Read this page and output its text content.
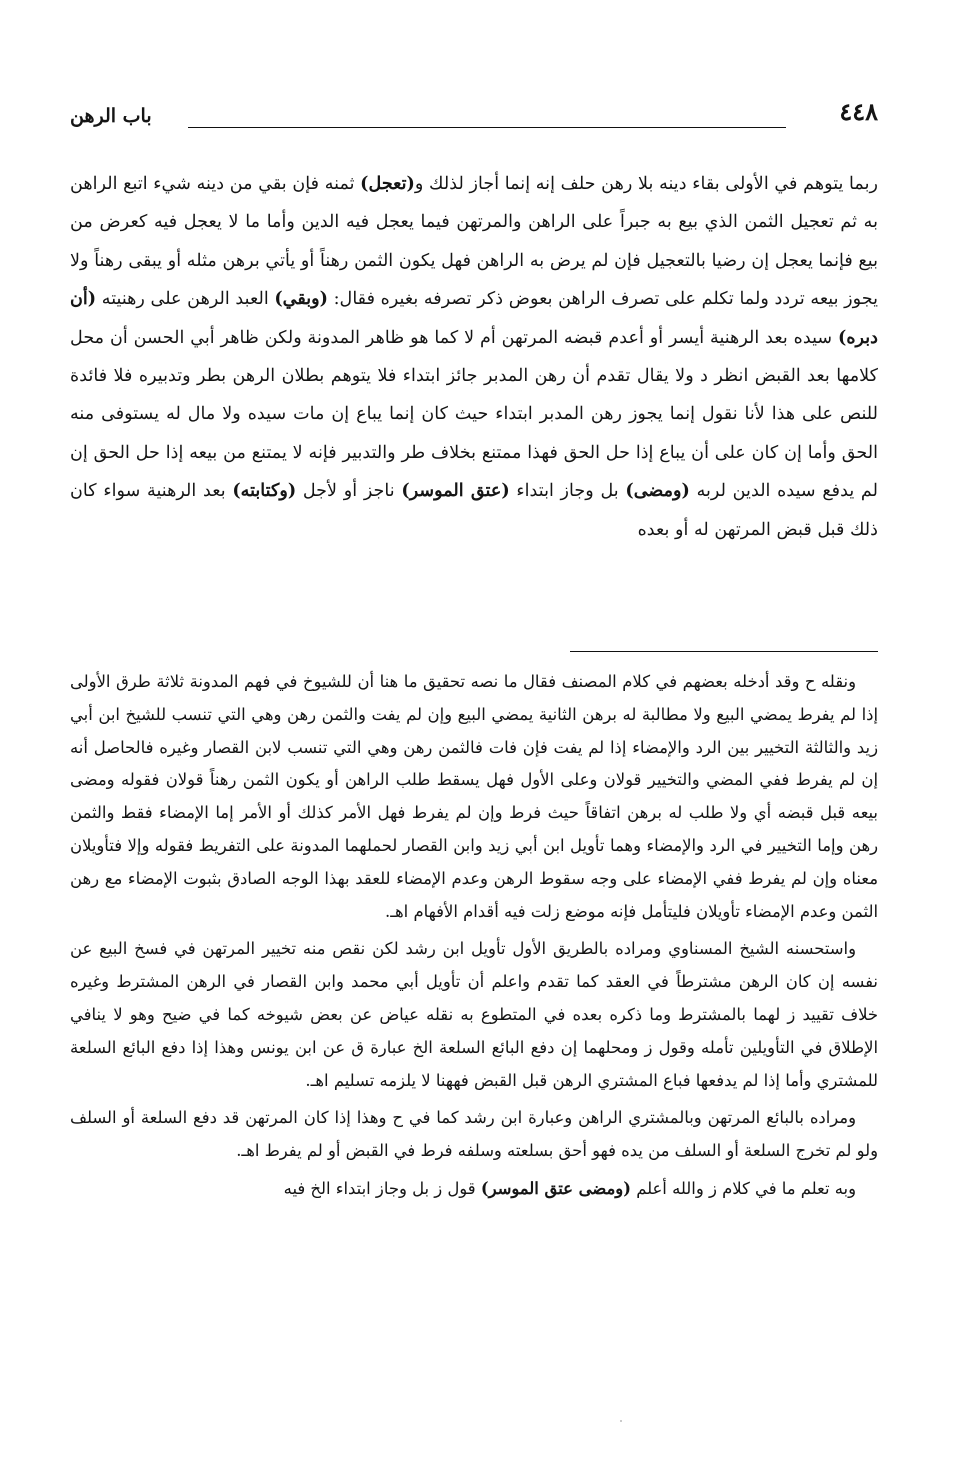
٤٤٨
باب الرهن

ربما يتوهم في الأولى بقاء دينه بلا رهن حلف إنه إنما أجاز لذلك و(تعجل) ثمنه فإن بقي من دينه شيء اتبع الراهن به ثم تعجيل الثمن الذي بيع به جبراً على الراهن والمرتهن فيما يعجل فيه الدين وأما ما لا يعجل فيه كعرض من بيع فإنما يعجل إن رضيا بالتعجيل فإن لم يرض به الراهن فهل يكون الثمن رهناً أو يأتي برهن مثله أو يبقى رهناً ولا يجوز بيعه تردد ولما تكلم على تصرف الراهن بعوض ذكر تصرفه بغيره فقال: (وبقي) العبد الرهن على رهنيته (أن دبره) سيده بعد الرهنية أيسر أو أعدم قبضه المرتهن أم لا كما هو ظاهر المدونة ولكن ظاهر أبي الحسن أن محل كلامها بعد القبض انظر د ولا يقال تقدم أن رهن المدبر جائز ابتداء فلا يتوهم بطلان الرهن بطر وتدبيره فلا فائدة للنص على هذا لأنا نقول إنما يجوز رهن المدبر ابتداء حيث كان إنما يباع إن مات سيده ولا مال له يستوفى منه الحق وأما إن كان على أن يباع إذا حل الحق فهذا ممتنع بخلاف طر والتدبير فإنه لا يمتنع من بيعه إذا حل الحق إن لم يدفع سيده الدين لربه (ومضى) بل وجاز ابتداء (عتق الموسر) ناجز أو لأجل (وكتابته) بعد الرهنية سواء كان ذلك قبل قبض المرتهن له أو بعده

ونقله ح وقد أدخله بعضهم في كلام المصنف فقال ما نصه تحقيق ما هنا أن للشيوخ في فهم المدونة ثلاثة طرق الأولى إذا لم يفرط يمضي البيع ولا مطالبة له برهن الثانية يمضي البيع وإن لم يفت والثمن رهن وهي التي تنسب للشيخ ابن أبي زيد والثالثة التخيير بين الرد والإمضاء إذا لم يفت فإن فات فالثمن رهن وهي التي تنسب لابن القصار وغيره فالحاصل أنه إن لم يفرط ففي المضي والتخيير قولان وعلى الأول فهل يسقط طلب الراهن أو يكون الثمن رهناً قولان فقوله ومضى بيعه قبل قبضه أي ولا طلب له برهن اتفاقاً حيث فرط وإن لم يفرط فهل الأمر كذلك أو الأمر إما الإمضاء فقط والثمن رهن وإما التخيير في الرد والإمضاء وهما تأويل ابن أبي زيد وابن القصار لحملهما المدونة على التفريط فقوله وإلا فتأويلان معناه وإن لم يفرط ففي الإمضاء على وجه سقوط الرهن وعدم الإمضاء للعقد بهذا الوجه الصادق بثبوت الإمضاء مع رهن الثمن وعدم الإمضاء تأويلان فليتأمل فإنه موضع زلت فيه أقدام الأفهام اهـ.

واستحسنه الشيخ المسناوي ومراده بالطريق الأول تأويل ابن رشد لكن نقص منه تخيير المرتهن في فسخ البيع عن نفسه إن كان الرهن مشترطاً في العقد كما تقدم واعلم أن تأويل أبي محمد وابن القصار في الرهن المشترط وغيره خلاف تقييد ز لهما بالمشترط وما ذكره بعده في المتطوع به نقله عياض عن بعض شيوخه كما في ضيح وهو لا ينافي الإطلاق في التأويلين تأمله وقول ز ومحلهما إن دفع البائع السلعة الخ عبارة ق عن ابن يونس وهذا إذا دفع البائع السلعة للمشتري وأما إذا لم يدفعها فباع المشتري الرهن قبل القبض فههنا لا يلزمه تسليم اهـ.

ومراده بالبائع المرتهن وبالمشتري الراهن وعبارة ابن رشد كما في ح وهذا إذا كان المرتهن قد دفع السلعة أو السلف ولو لم تخرج السلعة أو السلف من يده فهو أحق بسلعته وسلفه فرط في القبض أو لم يفرط اهـ.

وبه تعلم ما في كلام ز والله أعلم (ومضى عتق الموسر) قول ز بل وجاز ابتداء الخ فيه
